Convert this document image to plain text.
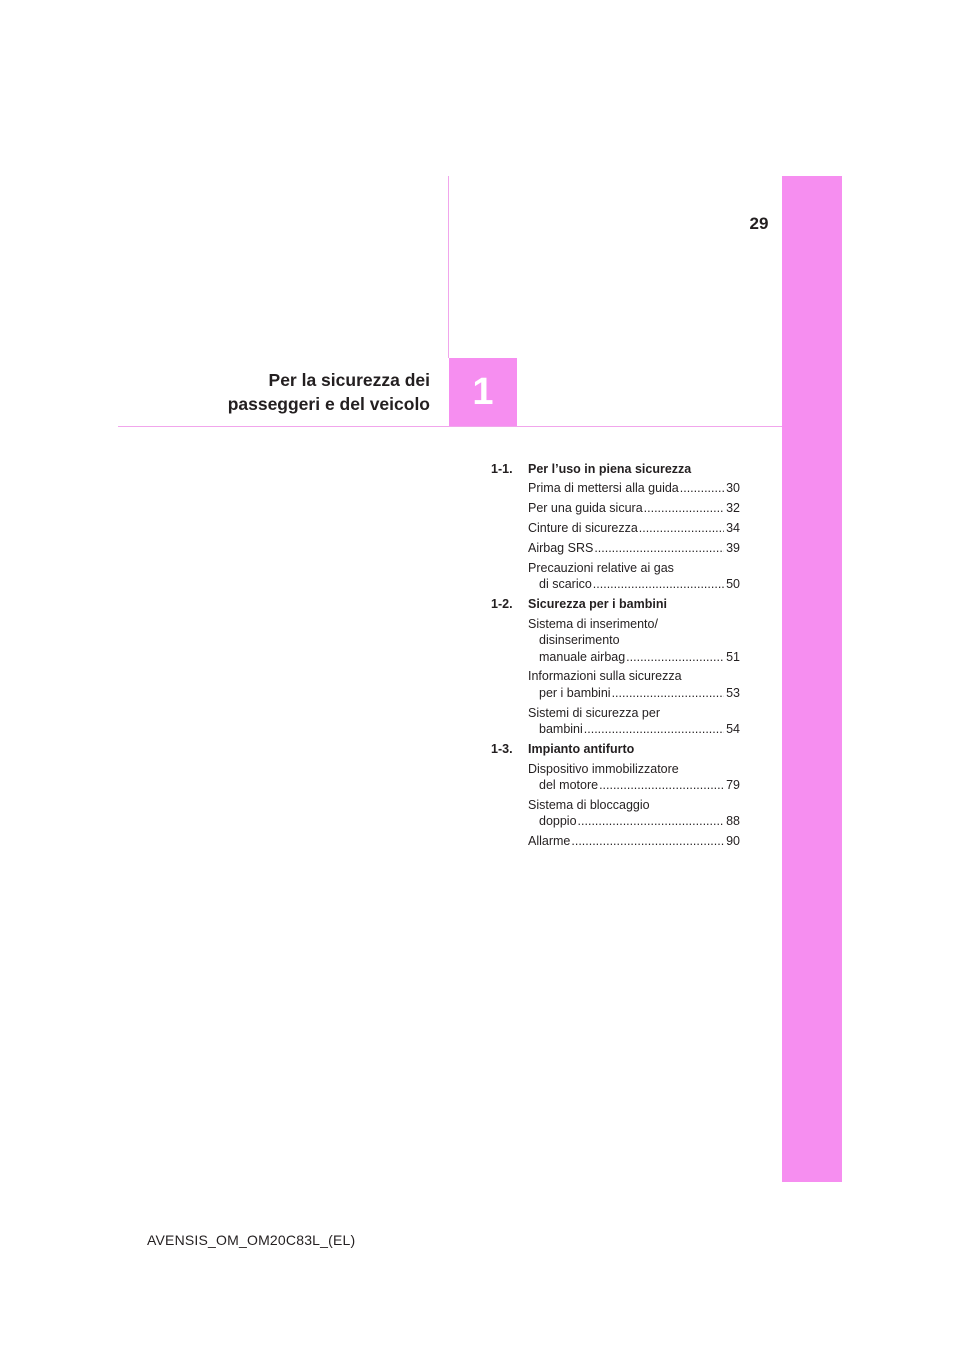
29
1
Per la sicurezza dei
passeggeri e del veicolo
1-1.	Per l’uso in piena sicurezza
Prima di mettersi alla guida .....	30
Per una guida sicura .....	32
Cinture di sicurezza .....	34
Airbag SRS .....	39
Precauzioni relative ai gas
di scarico .....	50
1-2.	Sicurezza per i bambini
Sistema di inserimento/
disinserimento
manuale airbag .....	51
Informazioni sulla sicurezza
per i bambini .....	53
Sistemi di sicurezza per
bambini .....	54
1-3.	Impianto antifurto
Dispositivo immobilizzatore
del motore .....	79
Sistema di bloccaggio
doppio .....	88
Allarme .....	90
AVENSIS_OM_OM20C83L_(EL)
